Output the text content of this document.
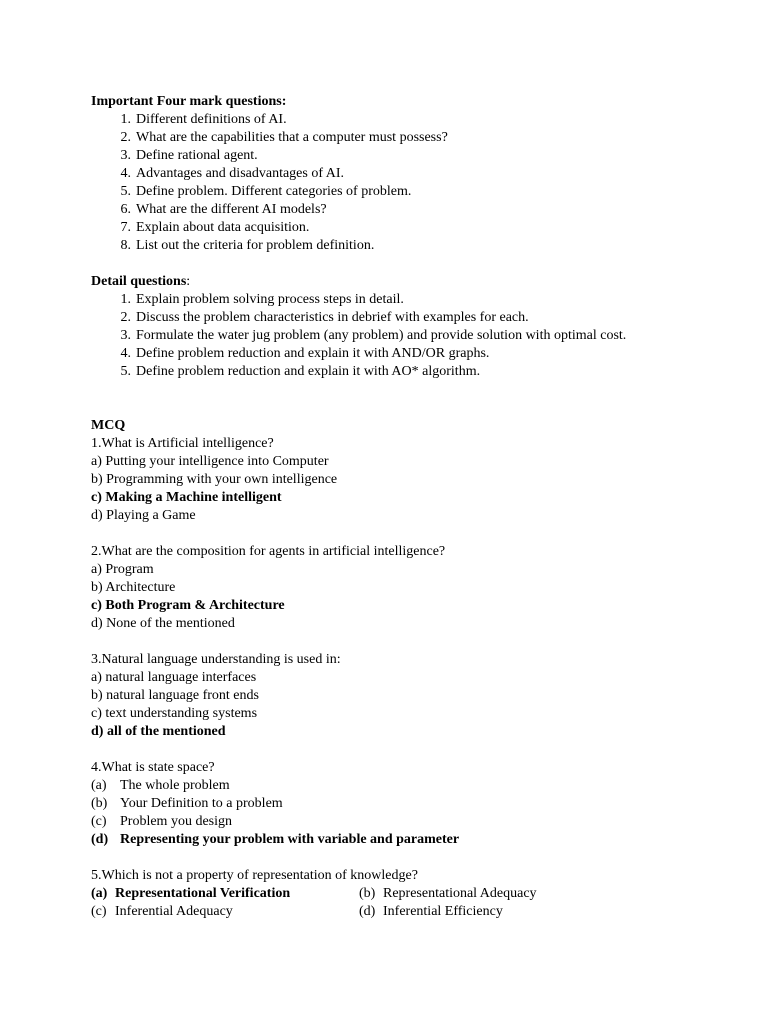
Important Four mark questions:
1. Different definitions of AI.
2. What are the capabilities that a computer must possess?
3. Define rational agent.
4. Advantages and disadvantages of AI.
5. Define problem. Different categories of problem.
6. What are the different AI models?
7. Explain about data acquisition.
8. List out the criteria for problem definition.
Detail questions:
1. Explain problem solving process steps in detail.
2. Discuss the problem characteristics in debrief with examples for each.
3. Formulate the water jug problem (any problem) and provide solution with optimal cost.
4. Define problem reduction and explain it with AND/OR graphs.
5. Define problem reduction and explain it with AO* algorithm.
MCQ
1.What is Artificial intelligence?
a) Putting your intelligence into Computer
b) Programming with your own intelligence
c) Making a Machine intelligent
d) Playing a Game
2.What are the composition for agents in artificial intelligence?
a) Program
b) Architecture
c) Both Program & Architecture
d) None of the mentioned
3.Natural language understanding is used in:
a) natural language interfaces
b) natural language front ends
c) text understanding systems
d) all of the mentioned
4.What is state space?
(a) The whole problem
(b) Your Definition to a problem
(c) Problem you design
(d) Representing your problem with variable and parameter
5.Which is not a property of representation of knowledge?
(a) Representational Verification	(b) Representational Adequacy
(c) Inferential Adequacy	(d) Inferential Efficiency
